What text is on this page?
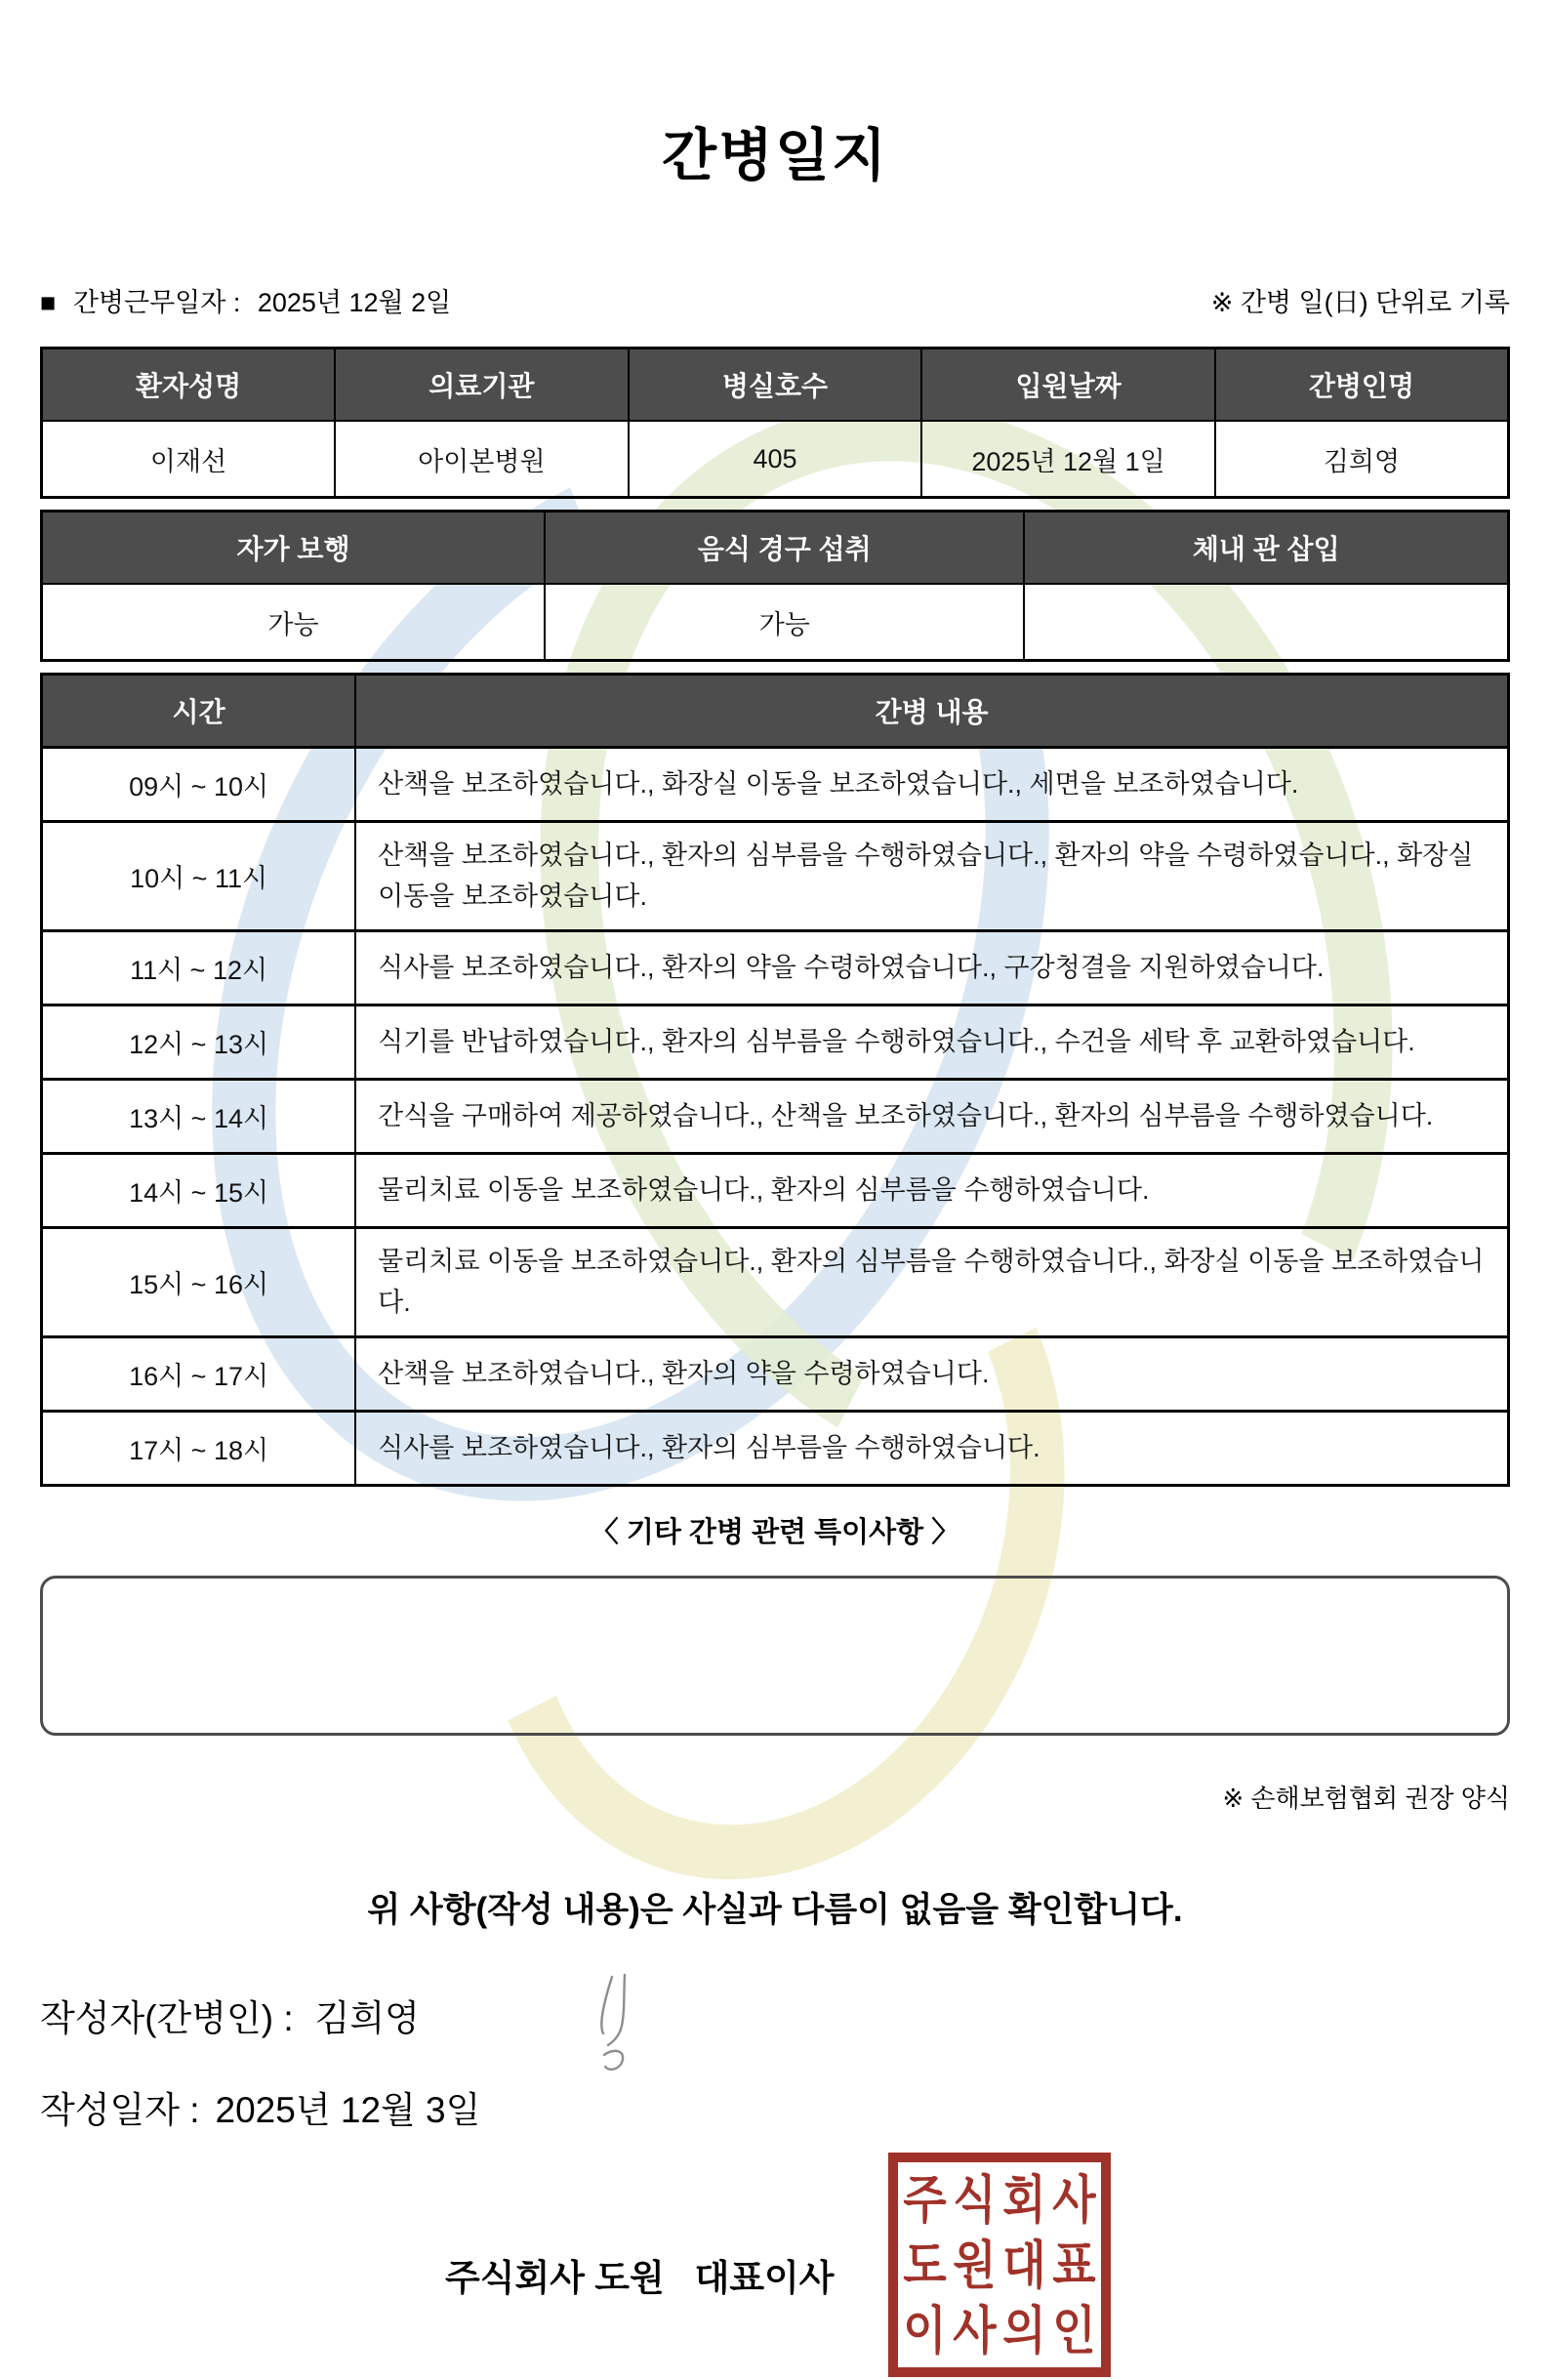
간병일지
■ 간병근무일자 : 2025년 12월 2일	※ 간병 일(日) 단위로 기록
환자성명	의료기관	병실호수	입원날짜	간병인명
이재선	아이본병원	405	2025년 12월 1일	김희영
자가 보행	음식 경구 섭취	체내 관 삽입
가능	가능	
시간	간병 내용
09시 ~ 10시	산책을 보조하였습니다., 화장실 이동을 보조하였습니다., 세면을 보조하였습니다.
10시 ~ 11시	산책을 보조하였습니다., 환자의 심부름을 수행하였습니다., 환자의 약을 수령하였습니다., 화장실 이동을 보조하였습니다.
11시 ~ 12시	식사를 보조하였습니다., 환자의 약을 수령하였습니다., 구강청결을 지원하였습니다.
12시 ~ 13시	식기를 반납하였습니다., 환자의 심부름을 수행하였습니다., 수건을 세탁 후 교환하였습니다.
13시 ~ 14시	간식을 구매하여 제공하였습니다., 산책을 보조하였습니다., 환자의 심부름을 수행하였습니다.
14시 ~ 15시	물리치료 이동을 보조하였습니다., 환자의 심부름을 수행하였습니다.
15시 ~ 16시	물리치료 이동을 보조하였습니다., 환자의 심부름을 수행하였습니다., 화장실 이동을 보조하였습니다.
16시 ~ 17시	산책을 보조하였습니다., 환자의 약을 수령하였습니다.
17시 ~ 18시	식사를 보조하였습니다., 환자의 심부름을 수행하였습니다.
〈 기타 간병 관련 특이사항 〉
※ 손해보험협회 권장 양식
위 사항(작성 내용)은 사실과 다름이 없음을 확인합니다.
작성자(간병인) : 김희영
작성일자 : 2025년 12월 3일
주식회사 도원   대표이사
주 식 회 사
도 원 대 표
이 사 의 인
